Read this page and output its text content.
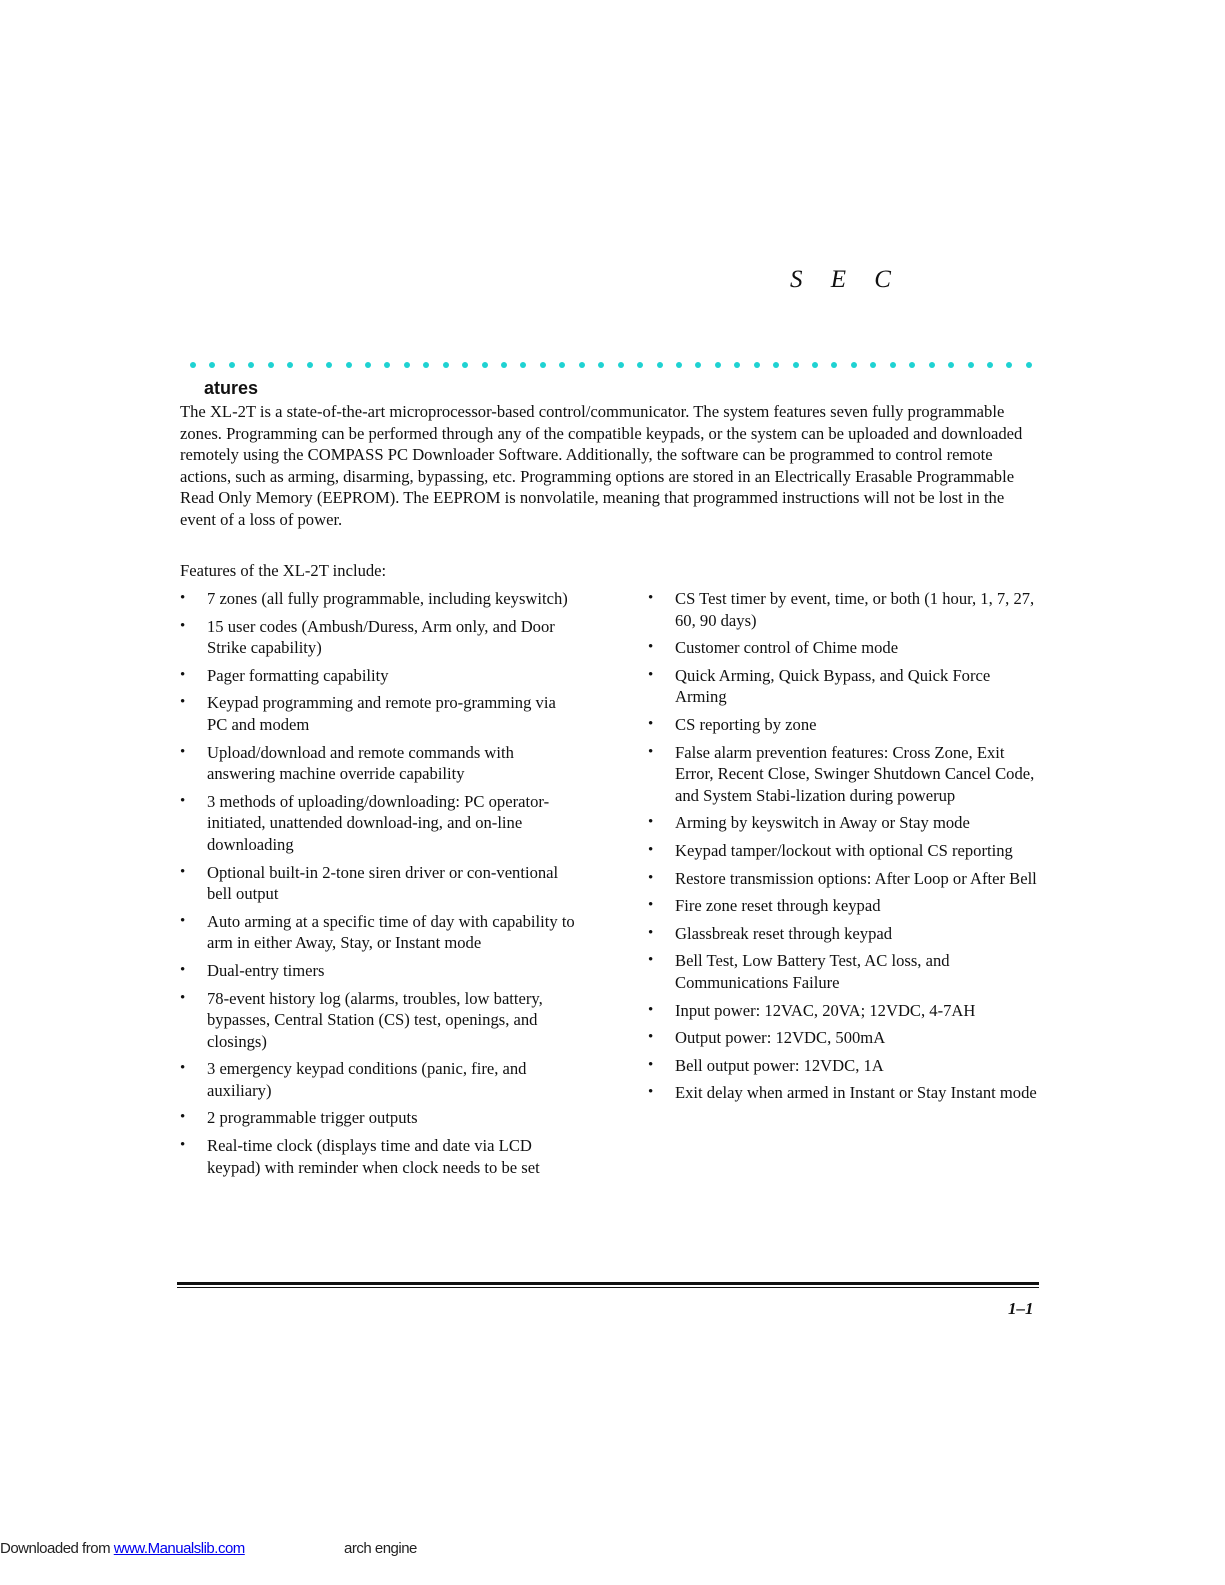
S E C
atures

The XL-2T is a state-of-the-art microprocessor-based control/communicator. The system features seven fully programmable zones. Programming can be performed through any of the compatible keypads, or the system can be uploaded and downloaded remotely using the COMPASS PC Downloader Software. Additionally, the software can be programmed to control remote actions, such as arming, disarming, bypassing, etc. Programming options are stored in an Electrically Erasable Programmable Read Only Memory (EEPROM). The EEPROM is nonvolatile, meaning that programmed instructions will not be lost in the event of a loss of power.

Features of the XL-2T include:

•	7 zones (all fully programmable, including keyswitch)
•	15 user codes (Ambush/Duress, Arm only, and Door Strike capability)
•	Pager formatting capability
•	Keypad programming and remote pro-gramming via PC and modem
•	Upload/download and remote commands with answering machine override capability
•	3 methods of uploading/downloading: PC operator-initiated, unattended download-ing, and on-line downloading
•	Optional built-in 2-tone siren driver or con-ventional bell output
•	Auto arming at a specific time of day with capability to arm in either Away, Stay, or Instant mode
•	Dual-entry timers
•	78-event history log (alarms, troubles, low battery, bypasses, Central Station (CS) test, openings, and closings)
•	3 emergency keypad conditions (panic, fire, and auxiliary)
•	2 programmable trigger outputs
•	Real-time clock (displays time and date via LCD keypad) with reminder when clock needs to be set
•	CS Test timer by event, time, or both (1 hour, 1, 7, 27, 60, 90 days)
•	Customer control of Chime mode
•	Quick Arming, Quick Bypass, and Quick Force Arming
•	CS reporting by zone
•	False alarm prevention features: Cross Zone, Exit Error, Recent Close, Swinger Shutdown Cancel Code, and System Stabi-lization during powerup
•	Arming by keyswitch in Away or Stay mode
•	Keypad tamper/lockout with optional CS reporting
•	Restore transmission options: After Loop or After Bell
•	Fire zone reset through keypad
•	Glassbreak reset through keypad
•	Bell Test, Low Battery Test, AC loss, and Communications Failure
•	Input power: 12VAC, 20VA; 12VDC, 4-7AH
•	Output power: 12VDC, 500mA
•	Bell output power: 12VDC, 1A
•	Exit delay when armed in Instant or Stay Instant mode
1–1
Downloaded from www.Manualslib.com	arch engine
